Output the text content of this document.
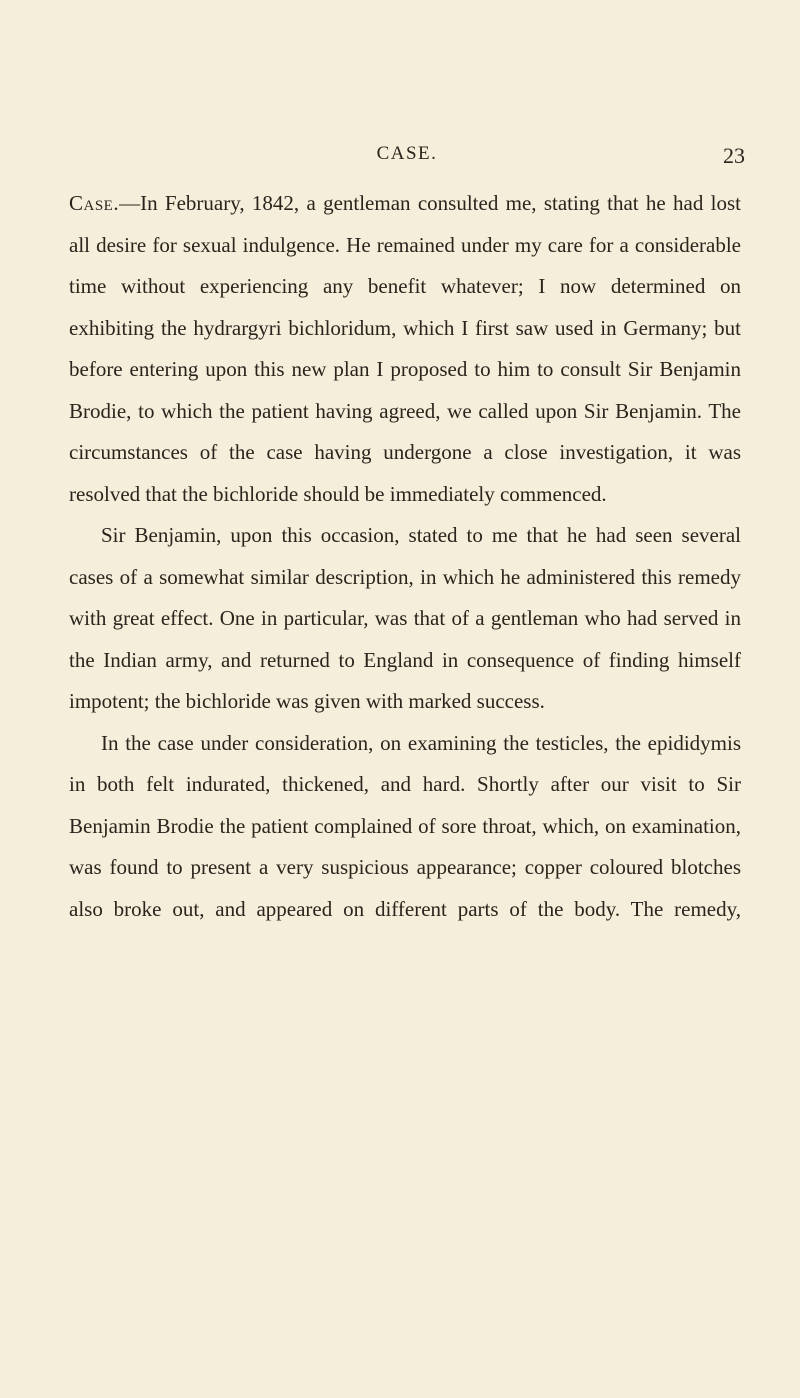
CASE.	23

Case.—In February, 1842, a gentleman consulted me, stating that he had lost all desire for sexual indulgence. He remained under my care for a considerable time without experiencing any benefit whatever; I now determined on exhibiting the hydrargyri bichloridum, which I first saw used in Germany; but before entering upon this new plan I proposed to him to consult Sir Benjamin Brodie, to which the patient having agreed, we called upon Sir Benjamin. The circumstances of the case having undergone a close investigation, it was resolved that the bichloride should be immediately commenced.

Sir Benjamin, upon this occasion, stated to me that he had seen several cases of a somewhat similar description, in which he administered this remedy with great effect. One in particular, was that of a gentleman who had served in the Indian army, and returned to England in consequence of finding himself impotent; the bichloride was given with marked success.

In the case under consideration, on examining the testicles, the epididymis in both felt indurated, thickened, and hard. Shortly after our visit to Sir Benjamin Brodie the patient complained of sore throat, which, on examination, was found to present a very suspicious appearance; copper coloured blotches also broke out, and appeared on different parts of the body. The remedy,
